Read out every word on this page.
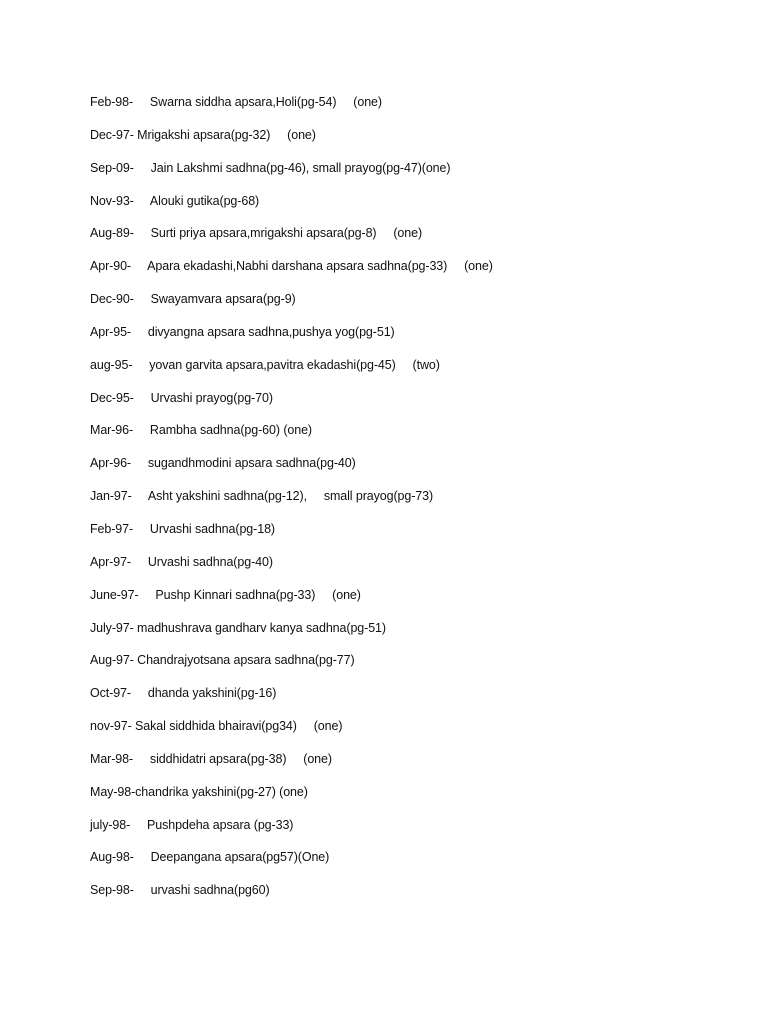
Feb-98-     Swarna siddha apsara,Holi(pg-54)     (one)
Dec-97- Mrigakshi apsara(pg-32)     (one)
Sep-09-     Jain Lakshmi sadhna(pg-46), small prayog(pg-47)(one)
Nov-93-     Alouki gutika(pg-68)
Aug-89-     Surti priya apsara,mrigakshi apsara(pg-8)     (one)
Apr-90-     Apara ekadashi,Nabhi darshana apsara sadhna(pg-33)     (one)
Dec-90-     Swayamvara apsara(pg-9)
Apr-95-     divyangna apsara sadhna,pushya yog(pg-51)
aug-95-     yovan garvita apsara,pavitra ekadashi(pg-45)     (two)
Dec-95-     Urvashi prayog(pg-70)
Mar-96-     Rambha sadhna(pg-60) (one)
Apr-96-     sugandhmodini apsara sadhna(pg-40)
Jan-97-     Asht yakshini sadhna(pg-12),     small prayog(pg-73)
Feb-97-     Urvashi sadhna(pg-18)
Apr-97-     Urvashi sadhna(pg-40)
June-97-     Pushp Kinnari sadhna(pg-33)     (one)
July-97- madhushrava gandharv kanya sadhna(pg-51)
Aug-97- Chandrajyotsana apsara sadhna(pg-77)
Oct-97-     dhanda yakshini(pg-16)
nov-97- Sakal siddhida bhairavi(pg34)     (one)
Mar-98-     siddhidatri apsara(pg-38)     (one)
May-98-chandrika yakshini(pg-27) (one)
july-98-     Pushpdeha apsara (pg-33)
Aug-98-     Deepangana apsara(pg57)(One)
Sep-98-     urvashi sadhna(pg60)
